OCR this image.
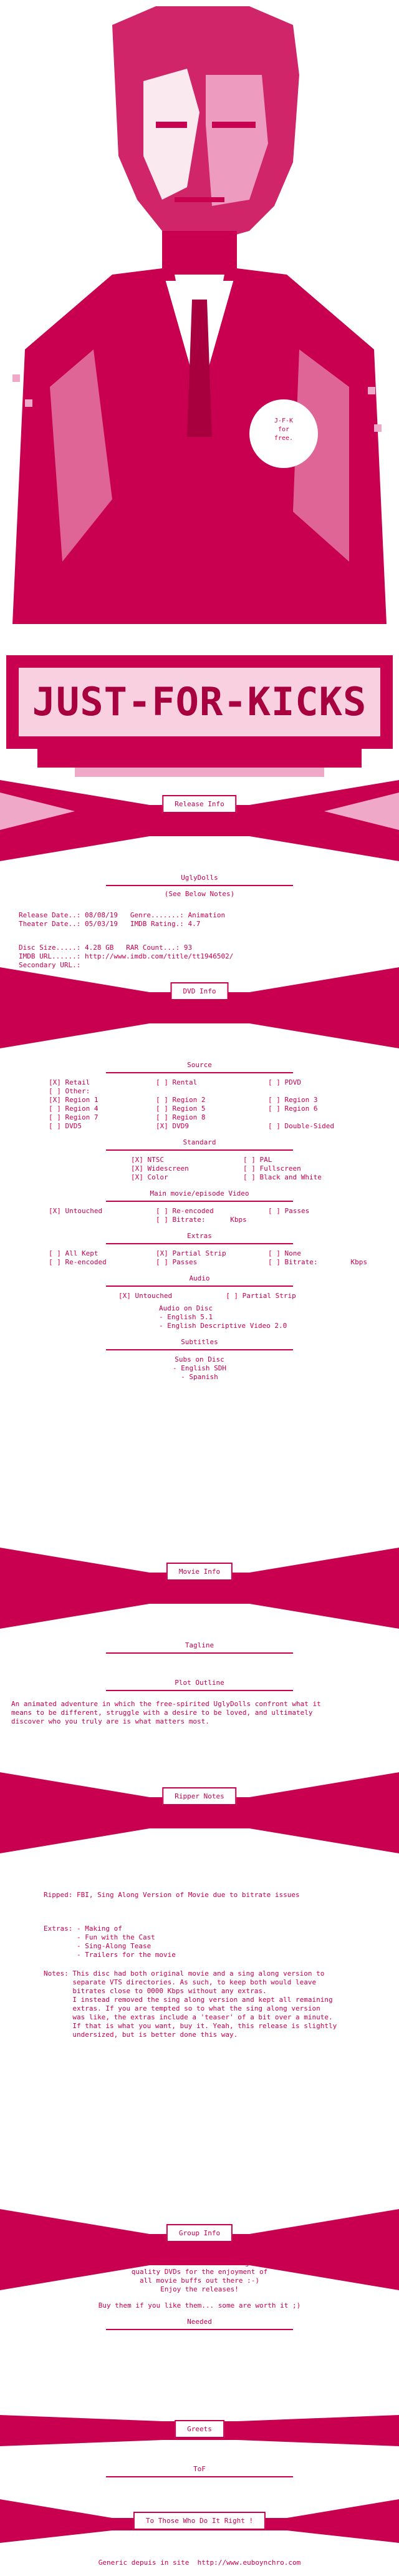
J-F-K
for
free.
JUST-FOR-KICKS
Release Info
UglyDolls
(See Below Notes)
Release Date..: 08/08/19 Genre.......: Animation
Theater Date..: 05/03/19 IMDB Rating.: 4.7
Disc Size.....: 4.28 GB RAR Count...: 93
IMDB URL......: http://www.imdb.com/title/tt1946502/
Secondary URL.:
DVD Info
Source
[X] Retail	[ ] Rental	[ ] PDVD
[ ] Other:
[X] Region 1	[ ] Region 2	[ ] Region 3
[ ] Region 4	[ ] Region 5	[ ] Region 6
[ ] Region 7	[ ] Region 8
[ ] DVD5	[X] DVD9	[ ] Double-Sided
Standard
[X] NTSC	[ ] PAL
[X] Widescreen	[ ] Fullscreen
[X] Color	[ ] Black and White
Main movie/episode Video
[X] Untouched	[ ] Re-encoded	[ ] Passes
[ ] Bitrate:      Kbps
Extras
[ ] All Kept	[X] Partial Strip	[ ] None
[ ] Re-encoded	[ ] Passes	[ ] Bitrate:        Kbps
Audio
[X] Untouched	[ ] Partial Strip
Audio on Disc
- English 5.1
- English Descriptive Video 2.0
Subtitles
Subs on Disc
- English SDH
- Spanish
Movie Info
Tagline
Plot Outline
An animated adventure in which the free-spirited UglyDolls confront what it
means to be different, struggle with a desire to be loved, and ultimately
discover who you truly are is what matters most.
Ripper Notes
Ripped: FBI, Sing Along Version of Movie due to bitrate issues
Extras: - Making of
- Fun with the Cast
- Sing-Along Tease
- Trailers for the movie
Notes: This disc had both original movie and a sing along version to
separate VTS directories. As such, to keep both would leave
bitrates close to 0000 Kbps without any extras.
I instead removed the sing along version and kept all remaining
extras. If you are tempted so to what the sing along version
was like, the extras include a 'teaser' of a bit over a minute.
If that is what you want, buy it. Yeah, this release is slightly
undersized, but is better done this way.
Group Info
JFK is dedicated to releasing high
quality DVDs for the enjoyment of
all movie buffs out there :-)
Enjoy the releases!
Buy them if you like them... some are worth it ;)
Needed
Greets
ToF
To Those Who Do It Right !
Generic depuis in site  http://www.euboynchro.com
